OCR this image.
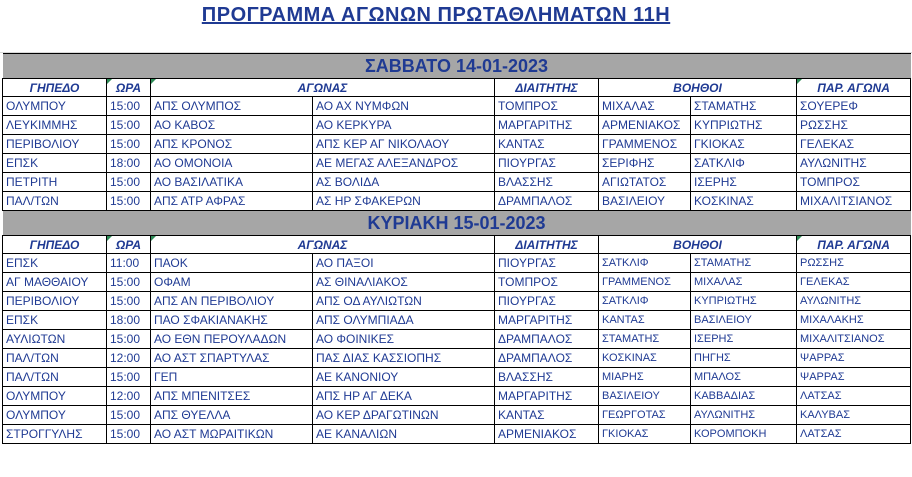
ΠΡΟΓΡΑΜΜΑ ΑΓΩΝΩΝ ΠΡΩΤΑΘΛΗΜΑΤΩΝ 11Η
ΣΑΒΒΑΤΟ 14-01-2023							
ΓΗΠΕΔΟ	ΩΡΑ	ΑΓΩΝΑΣ		ΔΙΑΙΤΗΤΗΣ	ΒΟΗΘΟΙ		ΠΑΡ. ΑΓΩΝΑ
ΟΛΥΜΠΟΥ	15:00	ΑΠΣ ΟΛΥΜΠΟΣ	ΑΟ ΑΧ ΝΥΜΦΩΝ	ΤΟΜΠΡΟΣ	ΜΙΧΑΛΑΣ	ΣΤΑΜΑΤΗΣ	ΣΟΥΕΡΕΦ
ΛΕΥΚΙΜΜΗΣ	15:00	ΑΟ ΚΑΒΟΣ	ΑΟ ΚΕΡΚΥΡΑ	ΜΑΡΓΑΡΙΤΗΣ	ΑΡΜΕΝΙΑΚΟΣ	ΚΥΠΡΙΩΤΗΣ	ΡΩΣΣΗΣ
ΠΕΡΙΒΟΛΙΟΥ	15:00	ΑΠΣ ΚΡΟΝΟΣ	ΑΠΣ ΚΕΡ ΑΓ ΝΙΚΟΛΑΟΥ	ΚΑΝΤΑΣ	ΓΡΑΜΜΕΝΟΣ	ΓΚΙΟΚΑΣ	ΓΕΛΕΚΑΣ
ΕΠΣΚ	18:00	ΑΟ ΟΜΟΝΟΙΑ	ΑΕ ΜΕΓΑΣ ΑΛΕΞΑΝΔΡΟΣ	ΠΙΟΥΡΓΑΣ	ΣΕΡΙΦΗΣ	ΣΑΤΚΛΙΦ	ΑΥΛΩΝΙΤΗΣ
ΠΕΤΡΙΤΗ	15:00	ΑΟ ΒΑΣΙΛΑΤΙΚΑ	ΑΣ ΒΟΛΙΔΑ	ΒΛΑΣΣΗΣ	ΑΓΙΩΤΑΤΟΣ	ΙΣΕΡΗΣ	ΤΟΜΠΡΟΣ
ΠΑΛ/ΤΩΝ	15:00	ΑΠΣ ΑΤΡ ΑΦΡΑΣ	ΑΣ ΗΡ ΣΦΑΚΕΡΩΝ	ΔΡΑΜΠΑΛΟΣ	ΒΑΣΙΛΕΙΟΥ	ΚΟΣΚΙΝΑΣ	ΜΙΧΑΛΙΤΣΙΑΝΟΣ
ΚΥΡΙΑΚΗ 15-01-2023							
ΓΗΠΕΔΟ	ΩΡΑ	ΑΓΩΝΑΣ		ΔΙΑΙΤΗΤΗΣ	ΒΟΗΘΟΙ		ΠΑΡ. ΑΓΩΝΑ
ΕΠΣΚ	11:00	ΠΑΟΚ	ΑΟ ΠΑΞΟΙ	ΠΙΟΥΡΓΑΣ	ΣΑΤΚΛΙΦ	ΣΤΑΜΑΤΗΣ	ΡΩΣΣΗΣ
ΑΓ ΜΑΘΘΑΙΟΥ	15:00	ΟΦΑΜ	ΑΣ ΘΙΝΑΛΙΑΚΟΣ	ΤΟΜΠΡΟΣ	ΓΡΑΜΜΕΝΟΣ	ΜΙΧΑΛΑΣ	ΓΕΛΕΚΑΣ
ΠΕΡΙΒΟΛΙΟΥ	15:00	ΑΠΣ ΑΝ ΠΕΡΙΒΟΛΙΟΥ	ΑΠΣ ΟΔ ΑΥΛΙΩΤΩΝ	ΠΙΟΥΡΓΑΣ	ΣΑΤΚΛΙΦ	ΚΥΠΡΙΩΤΗΣ	ΑΥΛΩΝΙΤΗΣ
ΕΠΣΚ	18:00	ΠΑΟ ΣΦΑΚΙΑΝΑΚΗΣ	ΑΠΣ ΟΛΥΜΠΙΑΔΑ	ΜΑΡΓΑΡΙΤΗΣ	ΚΑΝΤΑΣ	ΒΑΣΙΛΕΙΟΥ	ΜΙΧΑΛΑΚΗΣ
ΑΥΛΙΩΤΩΝ	15:00	ΑΟ ΕΘΝ ΠΕΡΟΥΛΑΔΩΝ	ΑΟ ΦΟΙΝΙΚΕΣ	ΔΡΑΜΠΑΛΟΣ	ΣΤΑΜΑΤΗΣ	ΙΣΕΡΗΣ	ΜΙΧΑΛΙΤΣΙΑΝΟΣ
ΠΑΛ/ΤΩΝ	12:00	ΑΟ ΑΣΤ ΣΠΑΡΤΥΛΑΣ	ΠΑΣ ΔΙΑΣ ΚΑΣΣΙΟΠΗΣ	ΔΡΑΜΠΑΛΟΣ	ΚΟΣΚΙΝΑΣ	ΠΗΓΗΣ	ΨΑΡΡΑΣ
ΠΑΛ/ΤΩΝ	15:00	ΓΕΠ	ΑΕ ΚΑΝΟΝΙΟΥ	ΒΛΑΣΣΗΣ	ΜΙΑΡΗΣ	ΜΠΑΛΟΣ	ΨΑΡΡΑΣ
ΟΛΥΜΠΟΥ	12:00	ΑΠΣ ΜΠΕΝΙΤΣΕΣ	ΑΠΣ ΗΡ ΑΓ ΔΕΚΑ	ΜΑΡΓΑΡΙΤΗΣ	ΒΑΣΙΛΕΙΟΥ	ΚΑΒΒΑΔΙΑΣ	ΛΑΤΣΑΣ
ΟΛΥΜΠΟΥ	15:00	ΑΠΣ ΘΥΕΛΛΑ	ΑΟ ΚΕΡ ΔΡΑΓΩΤΙΝΩΝ	ΚΑΝΤΑΣ	ΓΕΩΡΓΟΤΑΣ	ΑΥΛΩΝΙΤΗΣ	ΚΑΛΥΒΑΣ
ΣΤΡΟΓΓΥΛΗΣ	15:00	ΑΟ ΑΣΤ ΜΩΡΑΙΤΙΚΩΝ	ΑΕ ΚΑΝΑΛΙΩΝ	ΑΡΜΕΝΙΑΚΟΣ	ΓΚΙΟΚΑΣ	ΚΟΡΟΜΠΟΚΗ	ΛΑΤΣΑΣ
